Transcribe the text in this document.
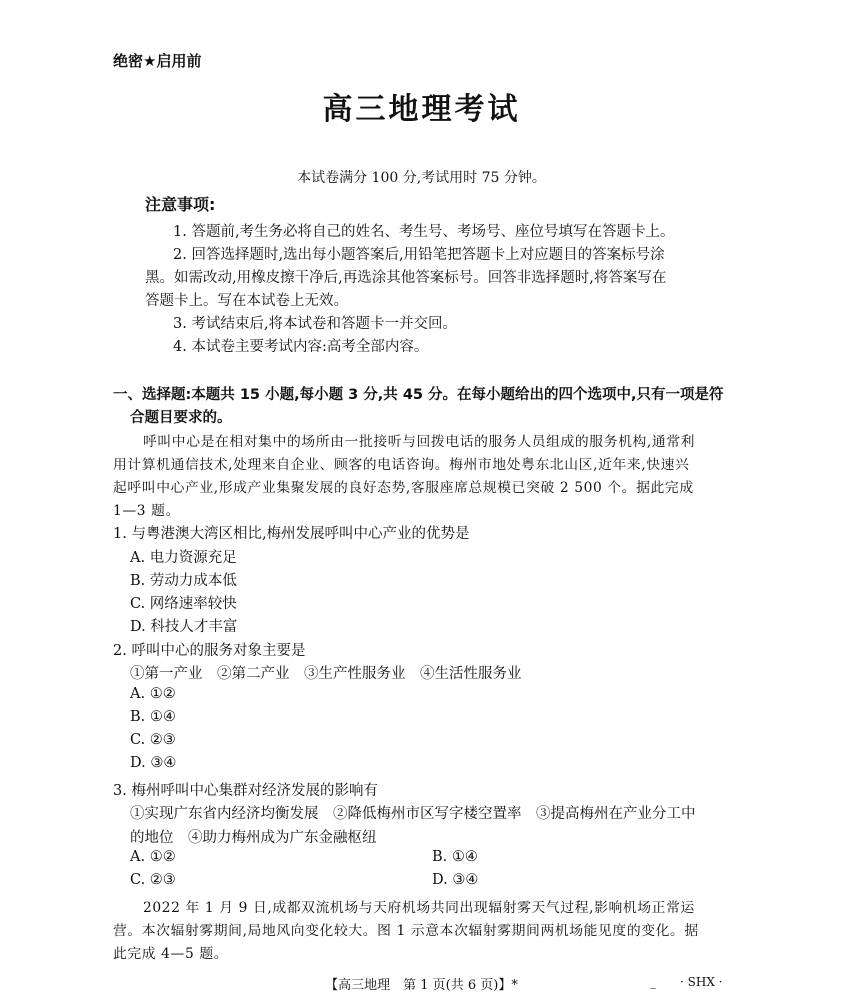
绝密★启用前
高三地理考试
本试卷满分 100 分,考试用时 75 分钟。
注意事项:
1. 答题前,考生务必将自己的姓名、考生号、考场号、座位号填写在答题卡上。
2. 回答选择题时,选出每小题答案后,用铅笔把答题卡上对应题目的答案标号涂
黑。如需改动,用橡皮擦干净后,再选涂其他答案标号。回答非选择题时,将答案写在
答题卡上。写在本试卷上无效。
3. 考试结束后,将本试卷和答题卡一并交回。
4. 本试卷主要考试内容:高考全部内容。
一、选择题:本题共 15 小题,每小题 3 分,共 45 分。在每小题给出的四个选项中,只有一项是符
合题目要求的。
呼叫中心是在相对集中的场所由一批接听与回拨电话的服务人员组成的服务机构,通常利
用计算机通信技术,处理来自企业、顾客的电话咨询。梅州市地处粤东北山区,近年来,快速兴
起呼叫中心产业,形成产业集聚发展的良好态势,客服座席总规模已突破 2 500 个。据此完成
1—3 题。
1. 与粤港澳大湾区相比,梅州发展呼叫中心产业的优势是
A. 电力资源充足
B. 劳动力成本低
C. 网络速率较快
D. 科技人才丰富
2. 呼叫中心的服务对象主要是
①第一产业　②第二产业　③生产性服务业　④生活性服务业
A. ①②
B. ①④
C. ②③
D. ③④
3. 梅州呼叫中心集群对经济发展的影响有
①实现广东省内经济均衡发展　②降低梅州市区写字楼空置率　③提高梅州在产业分工中
的地位　④助力梅州成为广东金融枢纽
A. ①②	B. ①④
C. ②③	D. ③④
2022 年 1 月 9 日,成都双流机场与天府机场共同出现辐射雾天气过程,影响机场正常运
营。本次辐射雾期间,局地风向变化较大。图 1 示意本次辐射雾期间两机场能见度的变化。据
此完成 4—5 题。
【高三地理　第 1 页(共 6 页)】*	_ · SHX ·
